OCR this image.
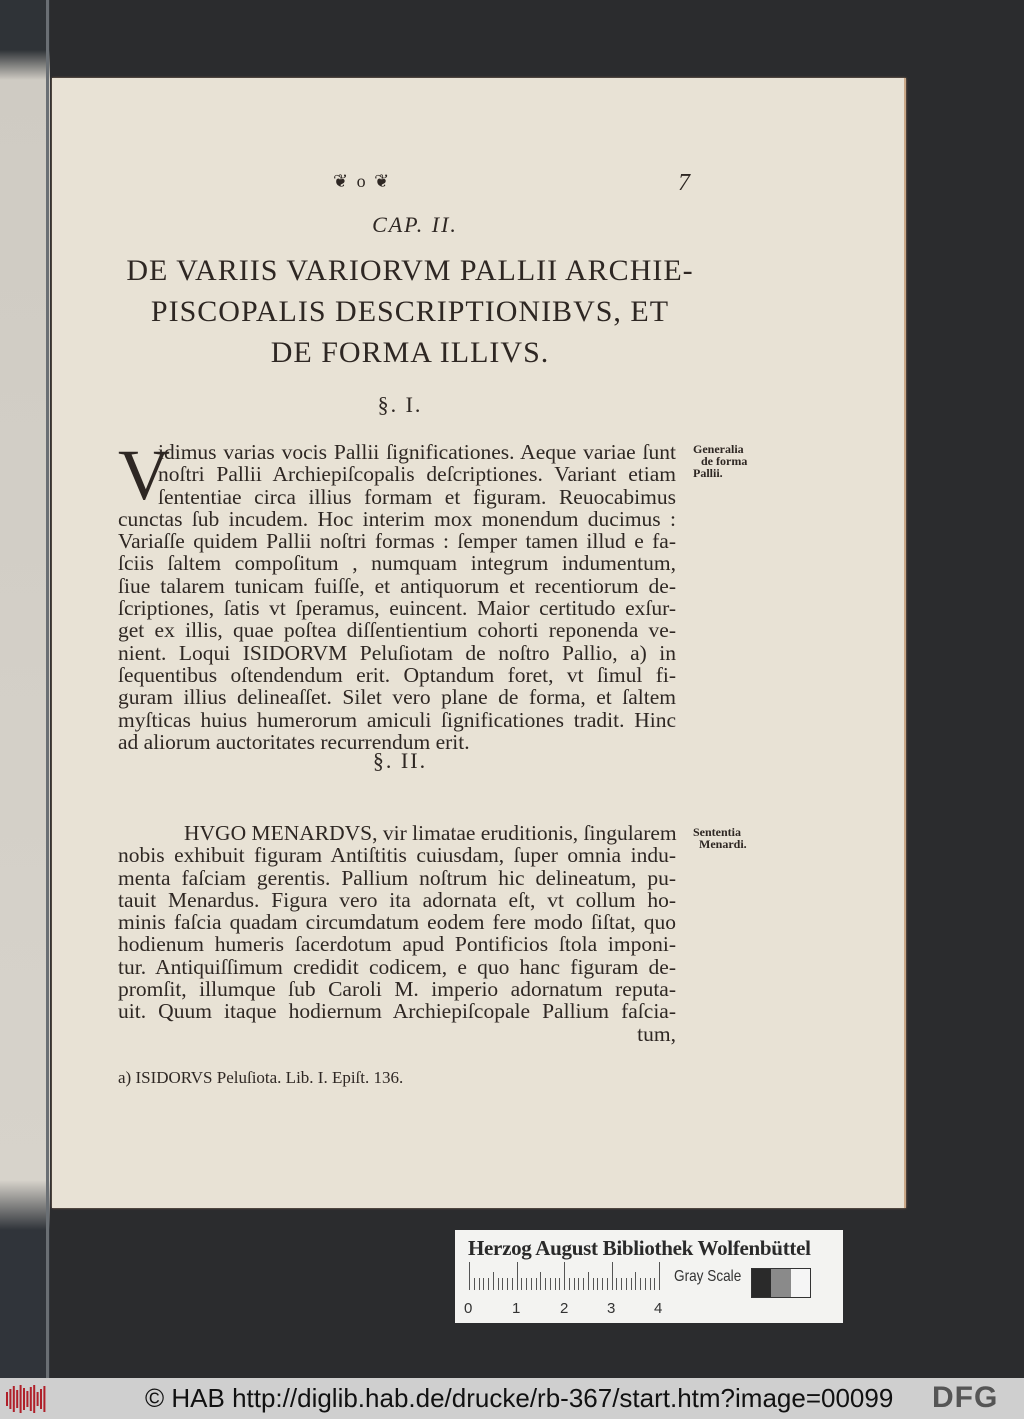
❦ o ❦	7
CAP. II.
DE VARIIS VARIORVM PALLII ARCHIE-
PISCOPALIS DESCRIPTIONIBVS, ET
DE FORMA ILLIVS.
§. I.
V
idimus varias vocis Pallii ſignificationes. Aeque variae ſunt
noſtri Pallii Archiepiſcopalis deſcriptiones. Variant etiam
ſententiae circa illius formam et figuram. Reuocabimus
cunctas ſub incudem. Hoc interim mox monendum ducimus :
Variaſſe quidem Pallii noſtri formas : ſemper tamen illud e fa-
ſciis ſaltem compoſitum , numquam integrum indumentum,
ſiue talarem tunicam fuiſſe, et antiquorum et recentiorum de-
ſcriptiones, ſatis vt ſperamus, euincent. Maior certitudo exſur-
get ex illis, quae poſtea diſſentientium cohorti reponenda ve-
nient. Loqui ISIDORVM Peluſiotam de noſtro Pallio, a) in
ſequentibus oſtendendum erit. Optandum foret, vt ſimul fi-
guram illius delineaſſet. Silet vero plane de forma, et ſaltem
myſticas huius humerorum amiculi ſignificationes tradit. Hinc
ad aliorum auctoritates recurrendum erit.
Generalia
de forma
Pallii.
§. II.
HVGO MENARDVS, vir limatae eruditionis, ſingularem
nobis exhibuit figuram Antiſtitis cuiusdam, ſuper omnia indu-
menta faſciam gerentis. Pallium noſtrum hic delineatum, pu-
tauit Menardus. Figura vero ita adornata eſt, vt collum ho-
minis faſcia quadam circumdatum eodem fere modo ſiſtat, quo
hodienum humeris ſacerdotum apud Pontificios ſtola imponi-
tur. Antiquiſſimum credidit codicem, e quo hanc figuram de-
promſit, illumque ſub Caroli M. imperio adornatum reputa-
uit. Quum itaque hodiernum Archiepiſcopale Pallium faſcia-
tum,
Sententia
Menardi.
a) ISIDORVS Peluſiota. Lib. I. Epiſt. 136.
Herzog August Bibliothek Wolfenbüttel
0	1	2	3	4
Gray Scale
© HAB http://diglib.hab.de/drucke/rb-367/start.htm?image=00099 DFG
